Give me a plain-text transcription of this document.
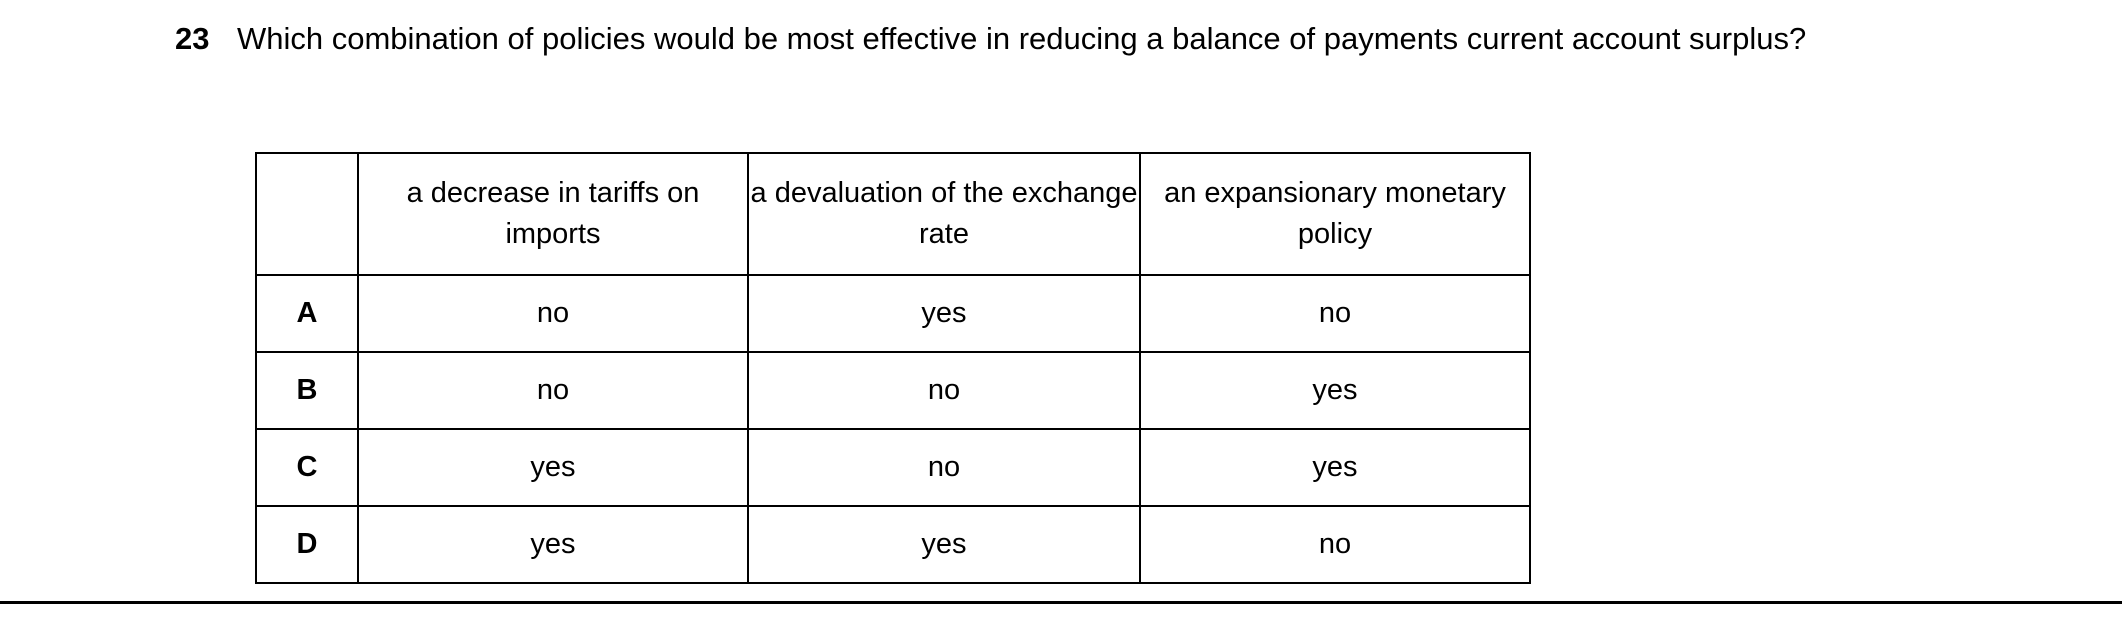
23 Which combination of policies would be most effective in reducing a balance of payments current account surplus?
	a decrease in tariffs on imports	a devaluation of the exchange rate	an expansionary monetary policy
A	no	yes	no
B	no	no	yes
C	yes	no	yes
D	yes	yes	no
